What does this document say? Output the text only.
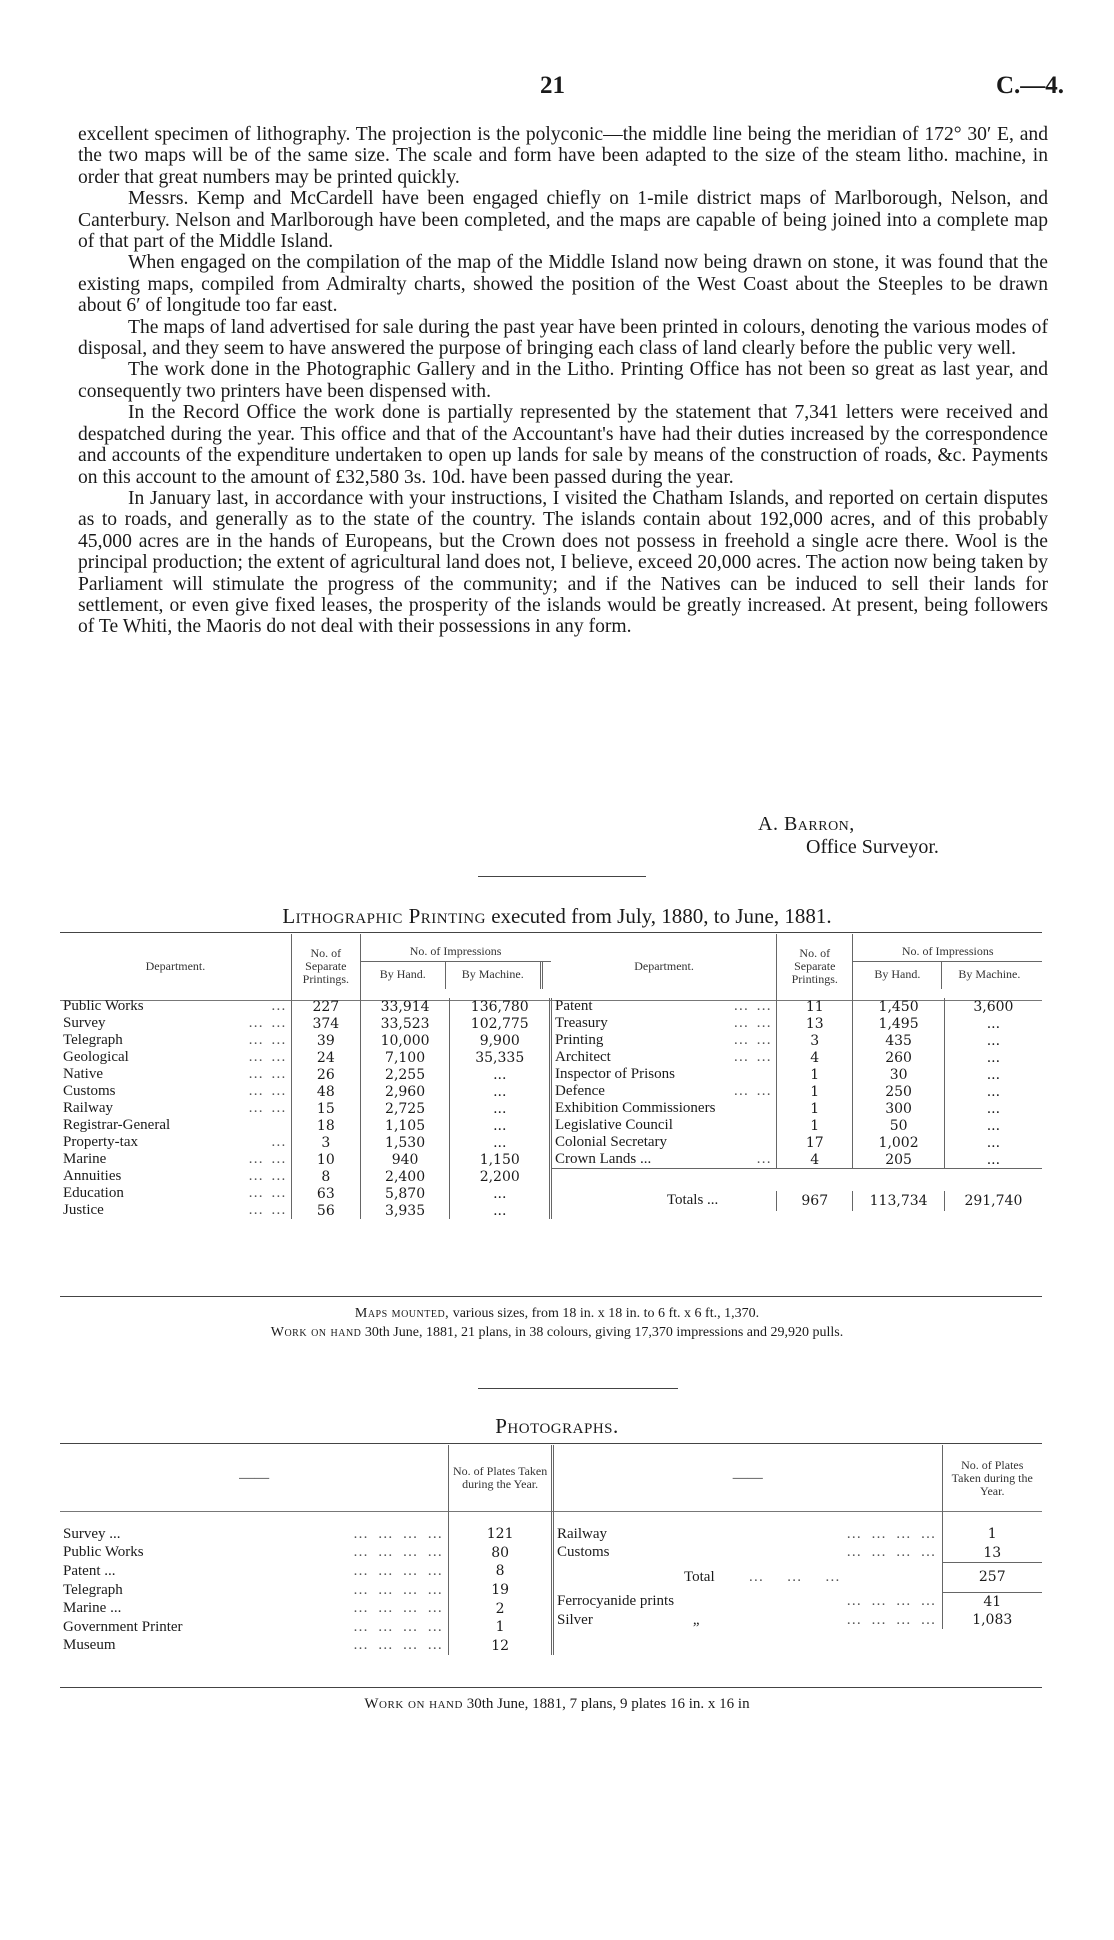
21	C.—4.

excellent specimen of lithography. The projection is the polyconic—the middle line being the meridian of 172° 30′ E, and the two maps will be of the same size. The scale and form have been adapted to the size of the steam litho. machine, in order that great numbers may be printed quickly.

Messrs. Kemp and McCardell have been engaged chiefly on 1-mile district maps of Marlborough, Nelson, and Canterbury. Nelson and Marlborough have been completed, and the maps are capable of being joined into a complete map of that part of the Middle Island.

When engaged on the compilation of the map of the Middle Island now being drawn on stone, it was found that the existing maps, compiled from Admiralty charts, showed the position of the West Coast about the Steeples to be drawn about 6′ of longitude too far east.

The maps of land advertised for sale during the past year have been printed in colours, denoting the various modes of disposal, and they seem to have answered the purpose of bringing each class of land clearly before the public very well.

The work done in the Photographic Gallery and in the Litho. Printing Office has not been so great as last year, and consequently two printers have been dispensed with.

In the Record Office the work done is partially represented by the statement that 7,341 letters were received and despatched during the year. This office and that of the Accountant's have had their duties increased by the correspondence and accounts of the expenditure undertaken to open up lands for sale by means of the construction of roads, &c. Payments on this account to the amount of £32,580 3s. 10d. have been passed during the year.

In January last, in accordance with your instructions, I visited the Chatham Islands, and reported on certain disputes as to roads, and generally as to the state of the country. The islands contain about 192,000 acres, and of this probably 45,000 acres are in the hands of Europeans, but the Crown does not possess in freehold a single acre there. Wool is the principal production; the extent of agricultural land does not, I believe, exceed 20,000 acres. The action now being taken by Parliament will stimulate the progress of the community; and if the Natives can be induced to sell their lands for settlement, or even give fixed leases, the prosperity of the islands would be greatly increased. At present, being followers of Te Whiti, the Maoris do not deal with their possessions in any form.

A. Barron,
Office Surveyor.
Lithographic Printing executed from July, 1880, to June, 1881.
Department.	No. of Separate Printings.	No. of Impressions
By Hand. By Machine.	

Public Works …	227	33,914	136,780
Survey … …	374	33,523	102,775
Telegraph … …	39	10,000	9,900
Geological … …	24	7,100	35,335
Native … …	26	2,255	...
Customs … …	48	2,960	...
Railway … …	15	2,725	...
Registrar-General	18	1,105	...
Property-tax …	3	1,530	...
Marine … …	10	940	1,150
Annuities … …	8	2,400	2,200
Education … …	63	5,870	...
Justice … …	56	3,935	...
Department.	No. of Separate Printings.	No. of Impressions
By Hand. By Machine.	

Patent … …	11	1,450	3,600
Treasury … …	13	1,495	...
Printing … …	3	435	...
Architect … …	4	260	...
Inspector of Prisons	1	30	...
Defence … …	1	250	...
Exhibition Commissioners	1	300	...
Legislative Council	1	50	...
Colonial Secretary	17	1,002	...
Crown Lands ... …	4	205	...

Totals ...	967	113,734	291,740
Maps mounted, various sizes, from 18 in. x 18 in. to 6 ft. x 6 ft., 1,370.
Work on hand 30th June, 1881, 21 plans, in 38 colours, giving 17,370 impressions and 29,920 pulls.
Photographs.
——	No. of Plates Taken during the Year.

Survey ... … … … …	121
Public Works … … … …	80
Patent ... … … … …	8
Telegraph … … … …	19
Marine ... … … … …	2
Government Printer … … … …	1
Museum … … … …	12
——	No. of Plates Taken during the Year.

Railway … … … …	1
Customs … … … …	13
Total …   …   …	257
Ferrocyanide prints … … … …	41
Silver „ … … … …	1,083
Work on hand 30th June, 1881, 7 plans, 9 plates 16 in. x 16 in
